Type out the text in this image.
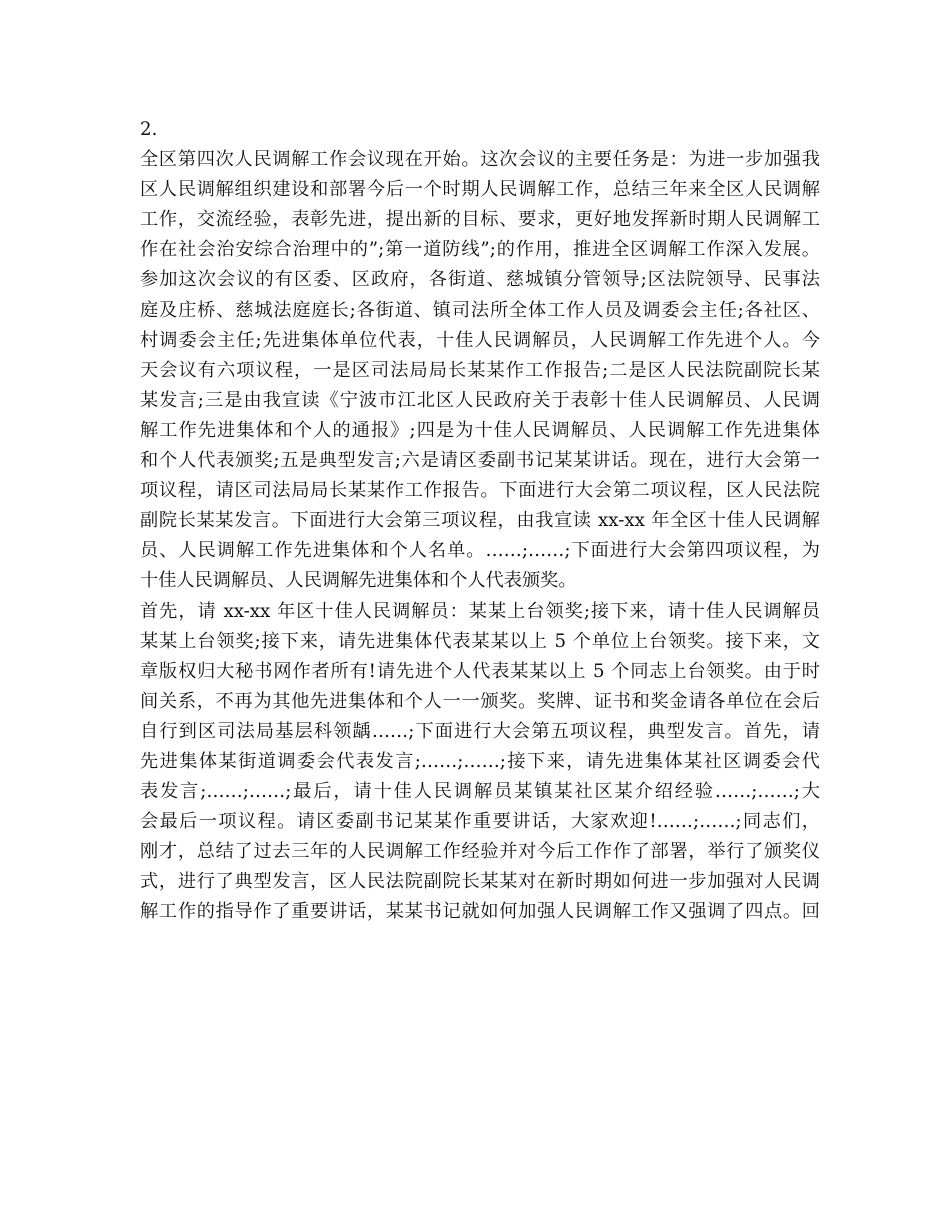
2.
全区第四次人民调解工作会议现在开始。这次会议的主要任务是：为进一步加强我
区人民调解组织建设和部署今后一个时期人民调解工作，总结三年来全区人民调解
工作，交流经验，表彰先进，提出新的目标、要求，更好地发挥新时期人民调解工
作在社会治安综合治理中的”;第一道防线”;的作用，推进全区调解工作深入发展。
参加这次会议的有区委、区政府，各街道、慈城镇分管领导;区法院领导、民事法
庭及庄桥、慈城法庭庭长;各街道、镇司法所全体工作人员及调委会主任;各社区、
村调委会主任;先进集体单位代表，十佳人民调解员，人民调解工作先进个人。今
天会议有六项议程，一是区司法局局长某某作工作报告;二是区人民法院副院长某
某发言;三是由我宣读《宁波市江北区人民政府关于表彰十佳人民调解员、人民调
解工作先进集体和个人的通报》;四是为十佳人民调解员、人民调解工作先进集体
和个人代表颁奖;五是典型发言;六是请区委副书记某某讲话。现在，进行大会第一
项议程，请区司法局局长某某作工作报告。下面进行大会第二项议程，区人民法院
副院长某某发言。下面进行大会第三项议程，由我宣读 xx-xx 年全区十佳人民调解
员、人民调解工作先进集体和个人名单。……;……;下面进行大会第四项议程，为
十佳人民调解员、人民调解先进集体和个人代表颁奖。
首先，请 xx-xx 年区十佳人民调解员：某某上台领奖;接下来，请十佳人民调解员
某某上台领奖;接下来，请先进集体代表某某以上 5 个单位上台领奖。接下来，文
章版权归大秘书网作者所有!请先进个人代表某某以上 5 个同志上台领奖。由于时
间关系，不再为其他先进集体和个人一一颁奖。奖牌、证书和奖金请各单位在会后
自行到区司法局基层科领龋……;下面进行大会第五项议程，典型发言。首先，请
先进集体某街道调委会代表发言;……;……;接下来，请先进集体某社区调委会代
表发言;……;……;最后，请十佳人民调解员某镇某社区某介绍经验……;……;大
会最后一项议程。请区委副书记某某作重要讲话，大家欢迎!……;……;同志们，
刚才，总结了过去三年的人民调解工作经验并对今后工作作了部署，举行了颁奖仪
式，进行了典型发言，区人民法院副院长某某对在新时期如何进一步加强对人民调
解工作的指导作了重要讲话，某某书记就如何加强人民调解工作又强调了四点。回
